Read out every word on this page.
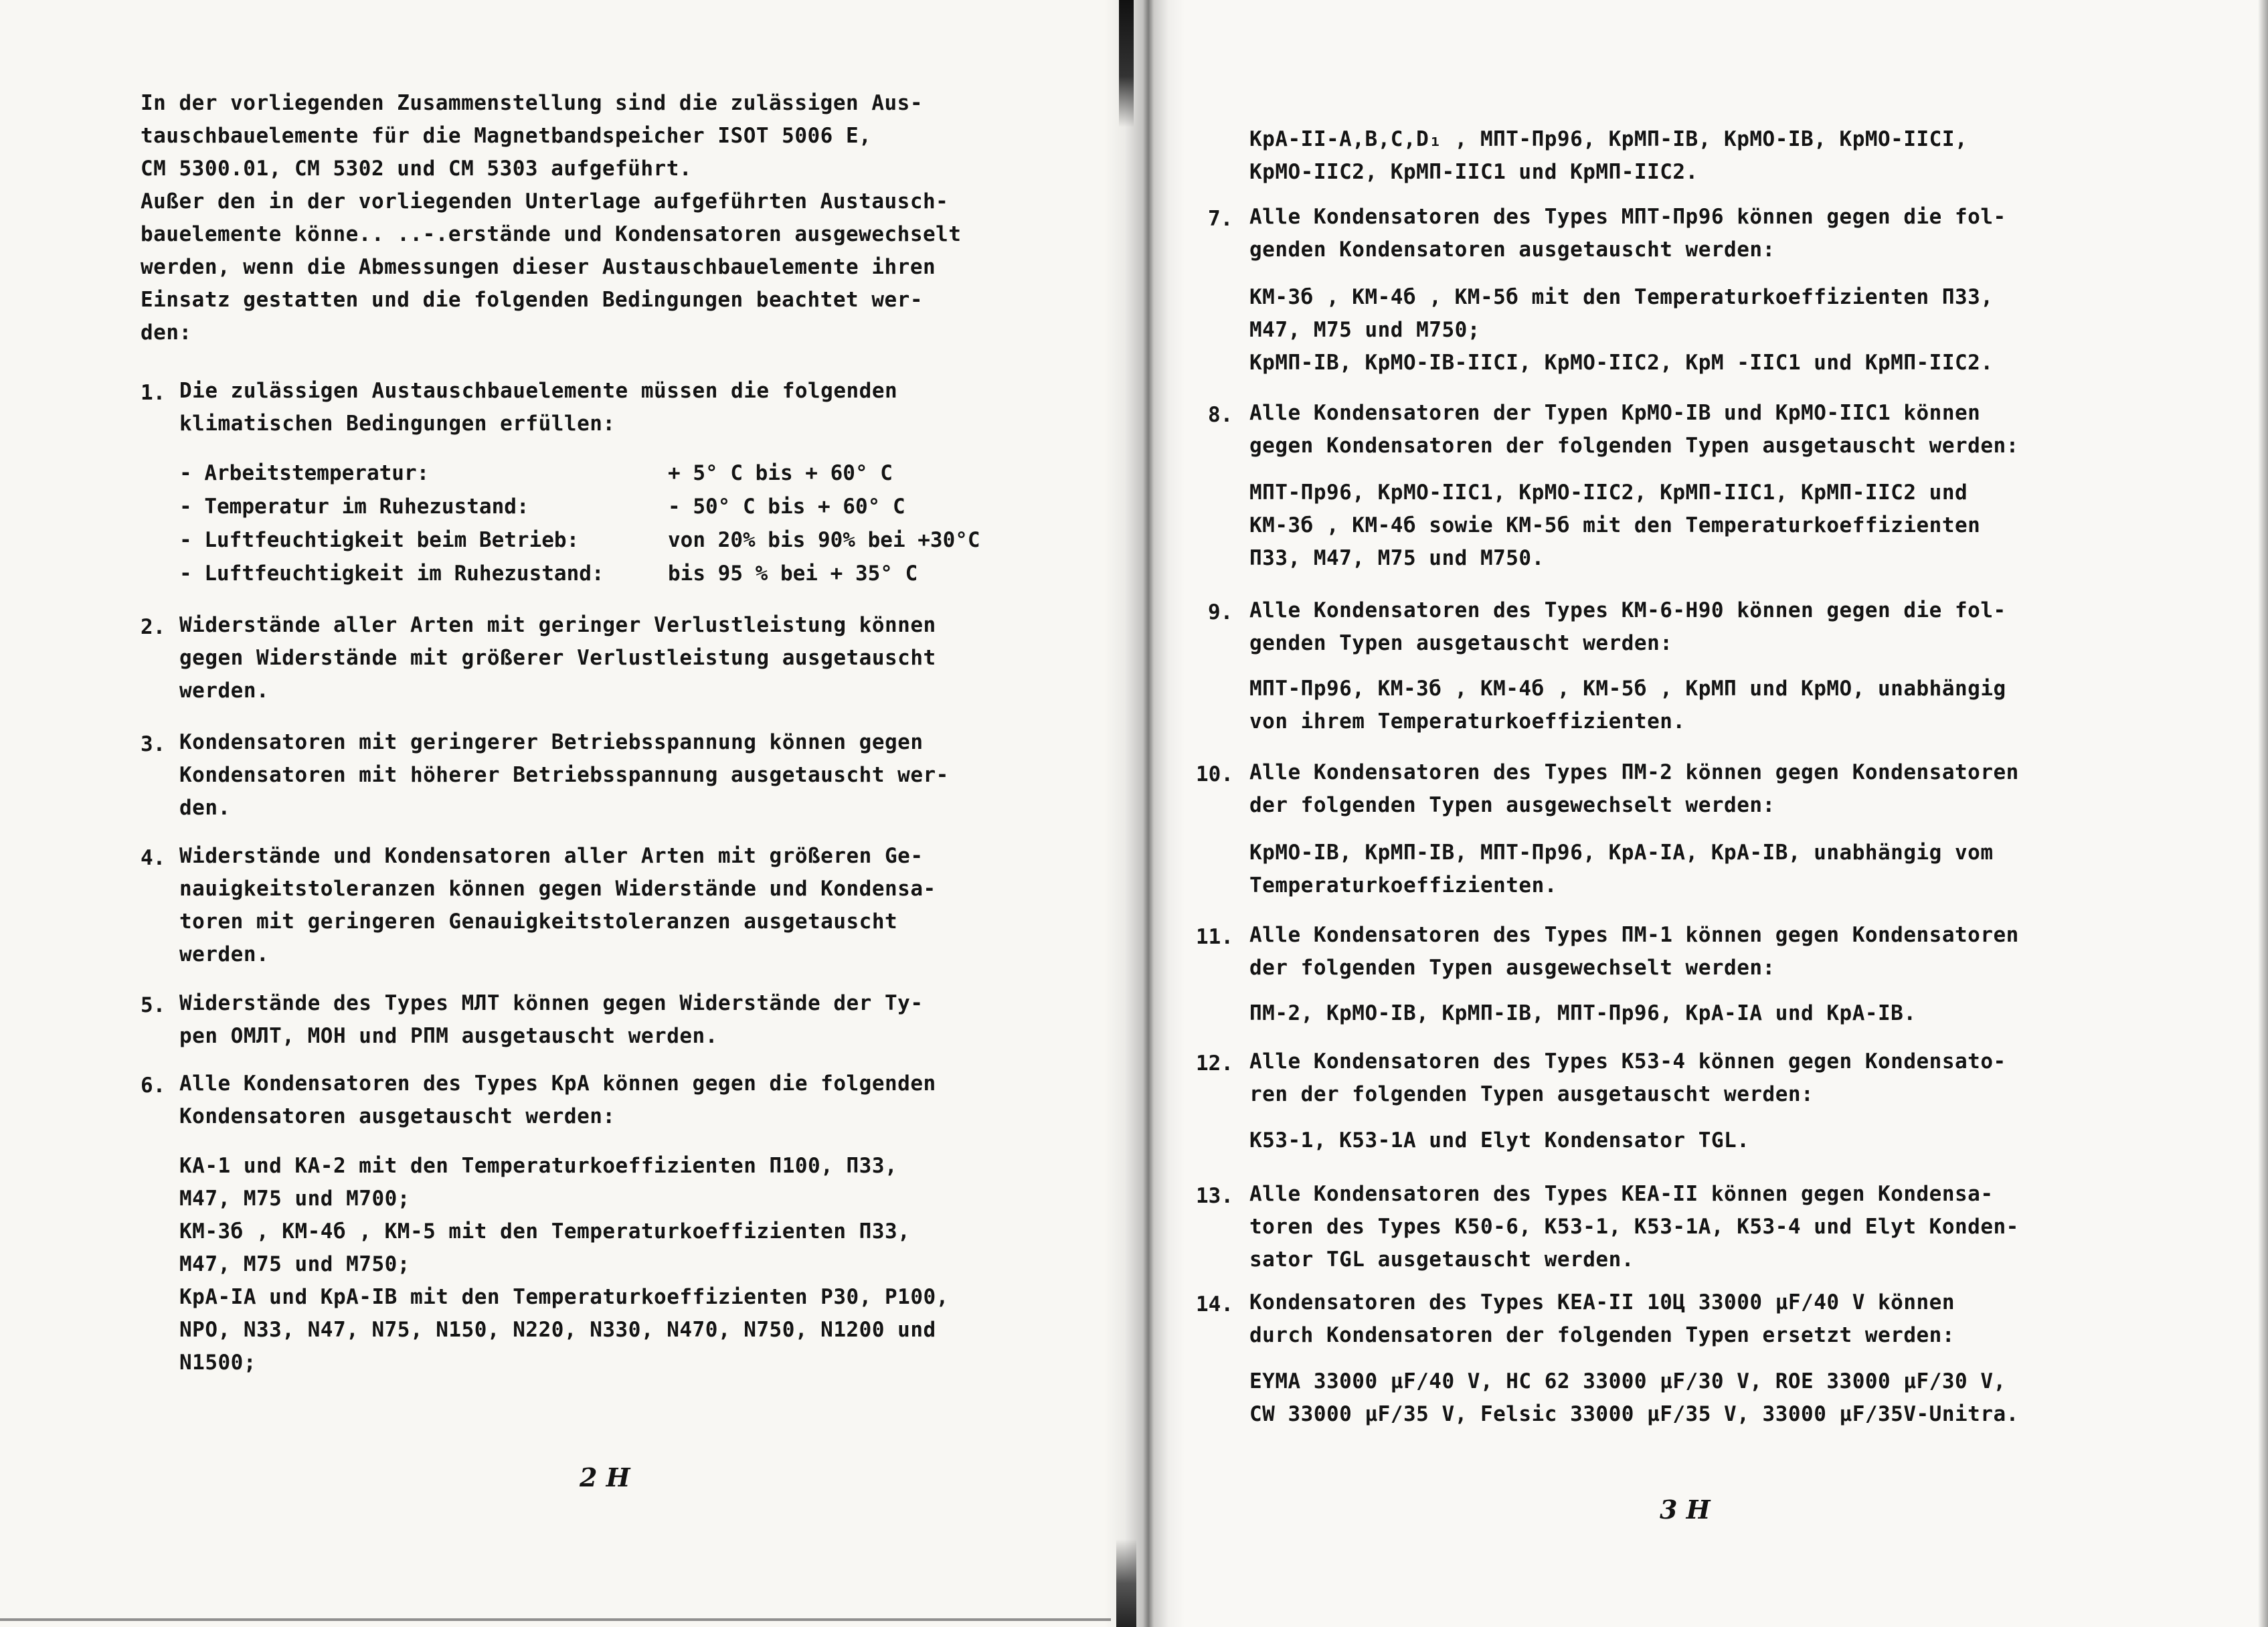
In der vorliegenden Zusammenstellung sind die zulässigen Aus-
tauschbauelemente für die Magnetbandspeicher ISOT 5006 E,
CM 5300.01, CM 5302 und CM 5303 aufgeführt.
Außer den in der vorliegenden Unterlage aufgeführten Austausch-
bauelemente könne.. ..-.erstände und Kondensatoren ausgewechselt
werden, wenn die Abmessungen dieser Austauschbauelemente ihren
Einsatz gestatten und die folgenden Bedingungen beachtet wer-
den:
1. Die zulässigen Austauschbauelemente müssen die folgenden
klimatischen Bedingungen erfüllen:
2. Widerstände aller Arten mit geringer Verlustleistung können
gegen Widerstände mit größerer Verlustleistung ausgetauscht
werden.
3. Kondensatoren mit geringerer Betriebsspannung können gegen
Kondensatoren mit höherer Betriebsspannung ausgetauscht wer-
den.
4. Widerstände und Kondensatoren aller Arten mit größeren Ge-
nauigkeitstoleranzen können gegen Widerstände und Kondensa-
toren mit geringeren Genauigkeitstoleranzen ausgetauscht
werden.
5. Widerstände des Types MЛT können gegen Widerstände der Ty-
pen OMЛT, MOH und PПM ausgetauscht werden.
6. Alle Kondensatoren des Types KpA können gegen die folgenden
Kondensatoren ausgetauscht werden:
- Arbeitstemperatur:	+ 5° C bis + 60° C
- Temperatur im Ruhezustand:	- 50° C bis + 60° C
- Luftfeuchtigkeit beim Betrieb:	von 20% bis 90% bei +30°C
- Luftfeuchtigkeit im Ruhezustand:	bis 95 % bei + 35° C
KA-1 und KA-2 mit den Temperaturkoeffizienten П100, П33,
M47, M75 und M700;
KM-3б , KM-4б , KM-5 mit den Temperaturkoeffizienten П33,
M47, M75 und M750;
KpA-IA und KpA-IB mit den Temperaturkoeffizienten P30, P100,
NPO, N33, N47, N75, N150, N220, N330, N470, N750, N1200 und
N1500;
2 H
KpA-II-A,B,C,D₁ , MПT-Пp96, KpMП-IB, KpMO-IB, KpMO-IICI,
KpMO-IIC2, KpMП-IIC1 und KpMП-IIC2.
7. Alle Kondensatoren des Types MПT-Пp96 können gegen die fol-
genden Kondensatoren ausgetauscht werden:
KM-3б , KM-4б , KM-5б mit den Temperaturkoeffizienten П33,
M47, M75 und M750;
KpMП-IB, KpMO-IB-IICI, KpMO-IIC2, KpM -IIC1 und KpMП-IIC2.
8. Alle Kondensatoren der Typen KpMO-IB und KpMO-IIC1 können
gegen Kondensatoren der folgenden Typen ausgetauscht werden:
MПT-Пp96, KpMO-IIC1, KpMO-IIC2, KpMП-IIC1, KpMП-IIC2 und
KM-3б , KM-4б sowie KM-5б mit den Temperaturkoeffizienten
П33, M47, M75 und M750.
9. Alle Kondensatoren des Types KM-6-H90 können gegen die fol-
genden Typen ausgetauscht werden:
MПT-Пp96, KM-3б , KM-4б , KM-5б , KpMП und KpMO, unabhängig
von ihrem Temperaturkoeffizienten.
10. Alle Kondensatoren des Types ПM-2 können gegen Kondensatoren
der folgenden Typen ausgewechselt werden:
KpMO-IB, KpMП-IB, MПT-Пp96, KpA-IA, KpA-IB, unabhängig vom
Temperaturkoeffizienten.
11. Alle Kondensatoren des Types ПM-1 können gegen Kondensatoren
der folgenden Typen ausgewechselt werden:
ПM-2, KpMO-IB, KpMП-IB, MПT-Пp96, KpA-IA und KpA-IB.
12. Alle Kondensatoren des Types K53-4 können gegen Kondensato-
ren der folgenden Typen ausgetauscht werden:
K53-1, K53-1A und Elyt Kondensator TGL.
13. Alle Kondensatoren des Types KEA-II können gegen Kondensa-
toren des Types K50-6, K53-1, K53-1A, K53-4 und Elyt Konden-
sator TGL ausgetauscht werden.
14. Kondensatoren des Types KEA-II 10Ц 33000 µF/40 V können
durch Kondensatoren der folgenden Typen ersetzt werden:
EYMA 33000 µF/40 V, HC 62 33000 µF/30 V, ROE 33000 µF/30 V,
CW 33000 µF/35 V, Felsic 33000 µF/35 V, 33000 µF/35V-Unitra.
3 H
